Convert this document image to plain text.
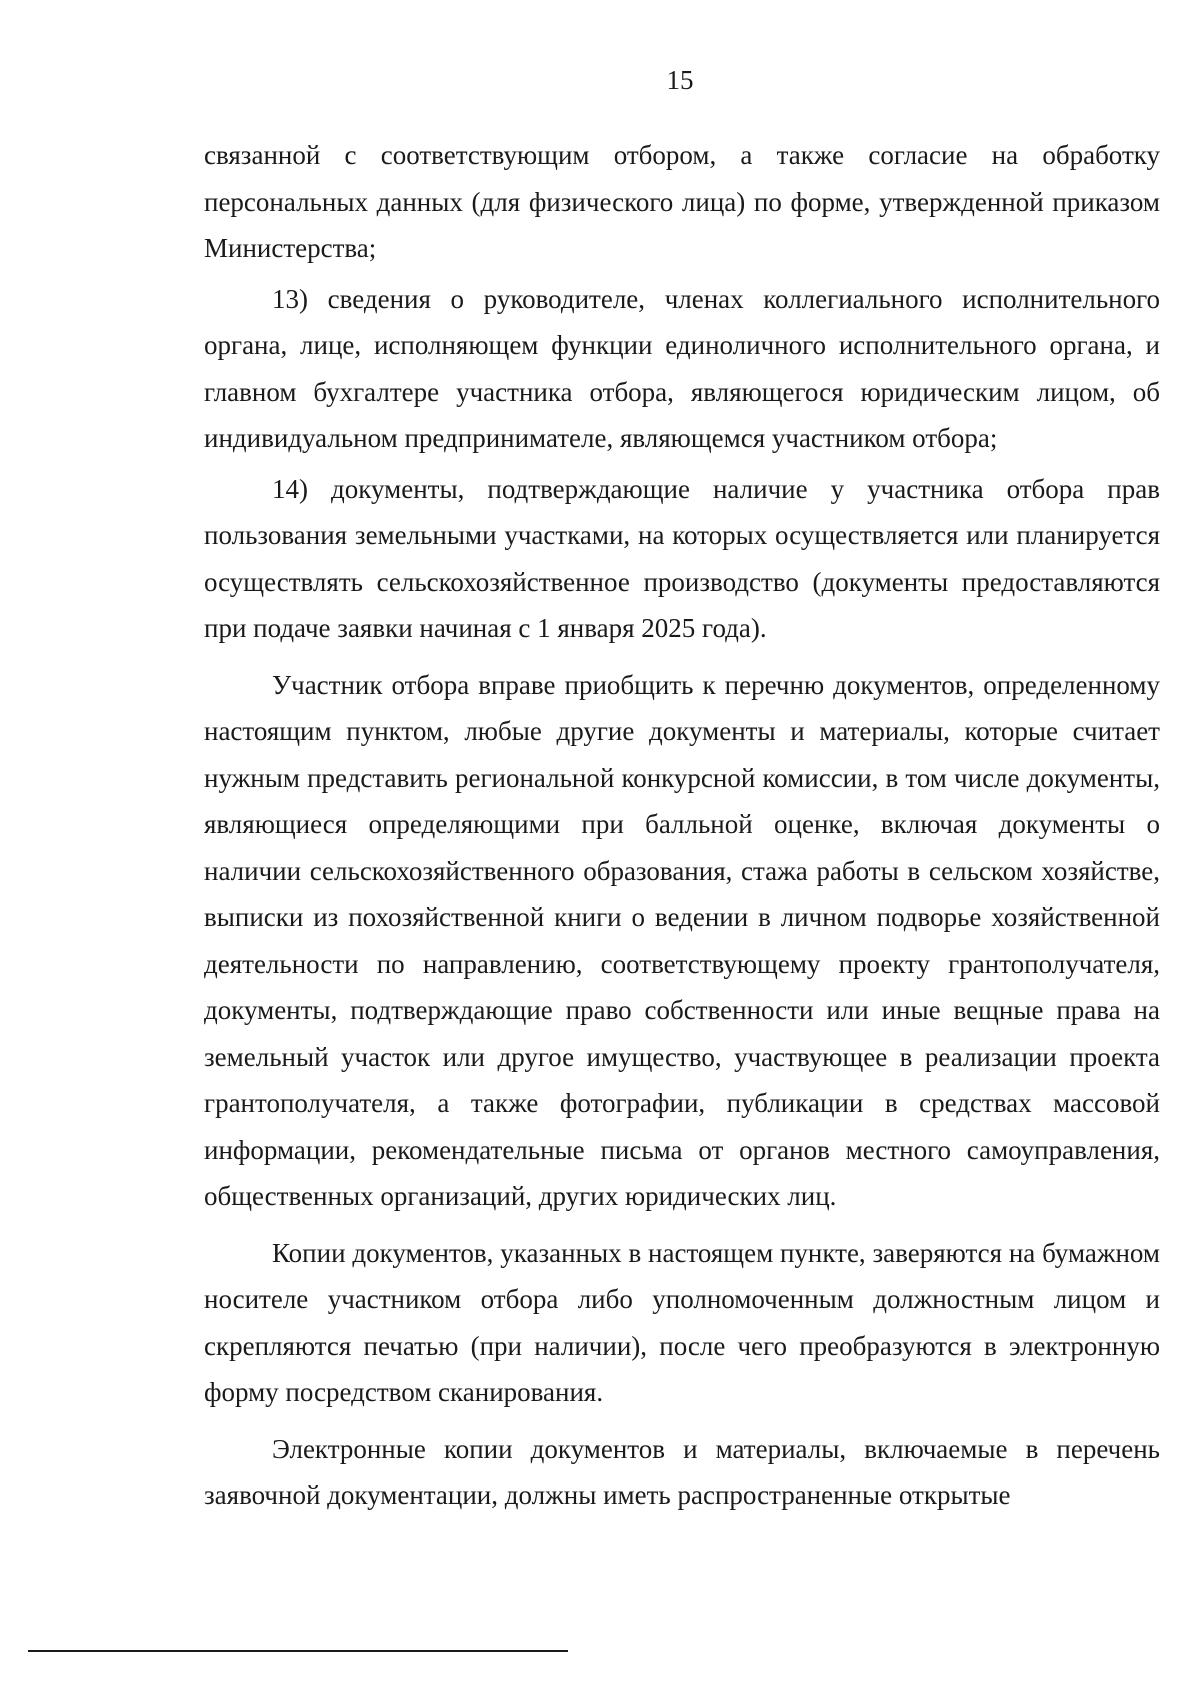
15

связанной с соответствующим отбором, а также согласие на обработку персональных данных (для физического лица) по форме, утвержденной приказом Министерства;

13) сведения о руководителе, членах коллегиального исполнительного органа, лице, исполняющем функции единоличного исполнительного органа, и главном бухгалтере участника отбора, являющегося юридическим лицом, об индивидуальном предпринимателе, являющемся участником отбора;

14) документы, подтверждающие наличие у участника отбора прав пользования земельными участками, на которых осуществляется или планируется осуществлять сельскохозяйственное производство (документы предоставляются при подаче заявки начиная с 1 января 2025 года).

Участник отбора вправе приобщить к перечню документов, определенному настоящим пунктом, любые другие документы и материалы, которые считает нужным представить региональной конкурсной комиссии, в том числе документы, являющиеся определяющими при балльной оценке, включая документы о наличии сельскохозяйственного образования, стажа работы в сельском хозяйстве, выписки из похозяйственной книги о ведении в личном подворье хозяйственной деятельности по направлению, соответствующему проекту грантополучателя, документы, подтверждающие право собственности или иные вещные права на земельный участок или другое имущество, участвующее в реализации проекта грантополучателя, а также фотографии, публикации в средствах массовой информации, рекомендательные письма от органов местного самоуправления, общественных организаций, других юридических лиц.

Копии документов, указанных в настоящем пункте, заверяются на бумажном носителе участником отбора либо уполномоченным должностным лицом и скрепляются печатью (при наличии), после чего преобразуются в электронную форму посредством сканирования.

Электронные копии документов и материалы, включаемые в перечень заявочной документации, должны иметь распространенные открытые
